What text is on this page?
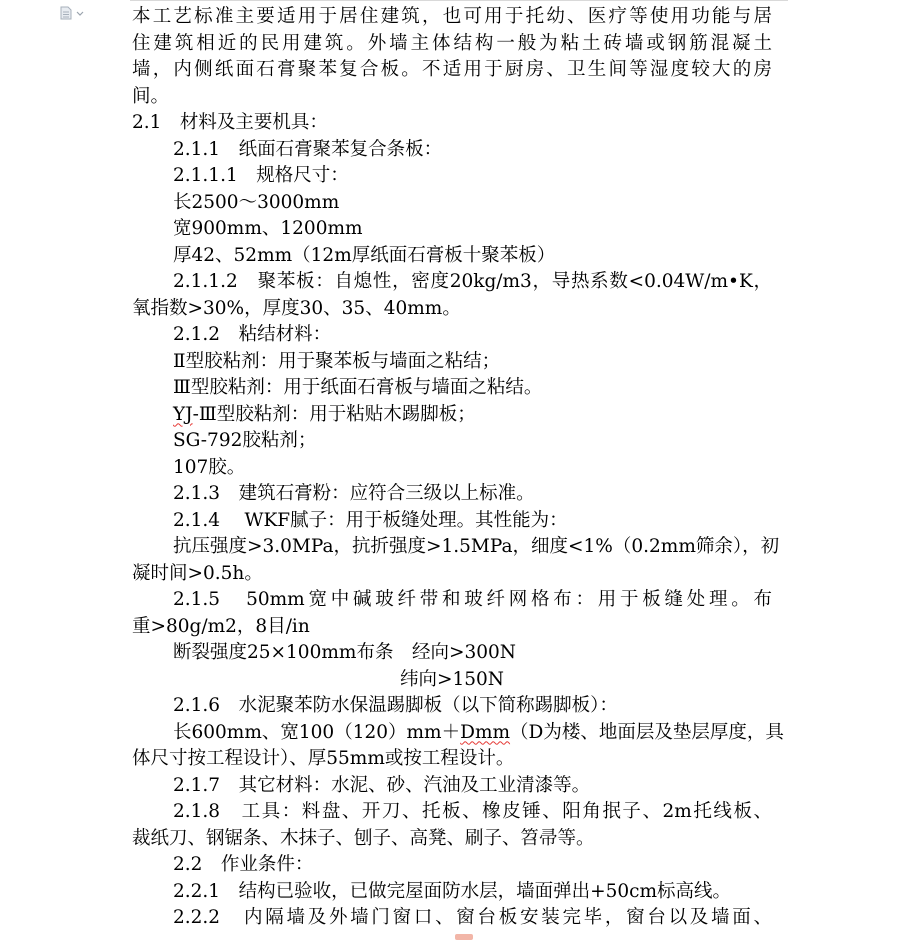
本工艺标准主要适用于居住建筑，也可用于托幼、医疗等使用功能与居
住建筑相近的民用建筑。外墙主体结构一般为粘土砖墙或钢筋混凝土
墙，内侧纸面石膏聚苯复合板。不适用于厨房、卫生间等湿度较大的房
间。
2.1　材料及主要机具：
2.1.1　纸面石膏聚苯复合条板：
2.1.1.1　规格尺寸：
长2500～3000mm
宽900mm、1200mm
厚42、52mm（12m厚纸面石膏板十聚苯板）
2.1.1.2　聚苯板：自熄性，密度20kg/m3，导热系数<0.04W/m•K，
氧指数>30%，厚度30、35、40mm。
2.1.2　粘结材料：
Ⅱ型胶粘剂：用于聚苯板与墙面之粘结；
Ⅲ型胶粘剂：用于纸面石膏板与墙面之粘结。
YJ-Ⅲ型胶粘剂：用于粘贴木踢脚板；
SG-792胶粘剂；
107胶。
2.1.3　建筑石膏粉：应符合三级以上标准。
2.1.4　 WKF腻子：用于板缝处理。其性能为：
抗压强度>3.0MPa，抗折强度>1.5MPa，细度<1%（0.2mm筛余），初
凝时间>0.5h。
2.1.5　50mm宽中碱玻纤带和玻纤网格布：用于板缝处理。布
重>80g/m2，8目/in
断裂强度25×100mm布条　经向>300N
纬向>150N
2.1.6　水泥聚苯防水保温踢脚板（以下简称踢脚板）：
长600mm、宽100（120）mm＋Dmm（D为楼、地面层及垫层厚度，具
体尺寸按工程设计）、厚55mm或按工程设计。
2.1.7　其它材料：水泥、砂、汽油及工业清漆等。
2.1.8　工具：料盘、开刀、托板、橡皮锤、阳角抿子、2m托线板、
裁纸刀、钢锯条、木抹子、刨子、高凳、刷子、笤帚等。
2.2　作业条件：
2.2.1　结构已验收，已做完屋面防水层，墙面弹出+50cm标高线。
2.2.2　内隔墙及外墙门窗口、窗台板安装完毕，窗台以及墙面、
